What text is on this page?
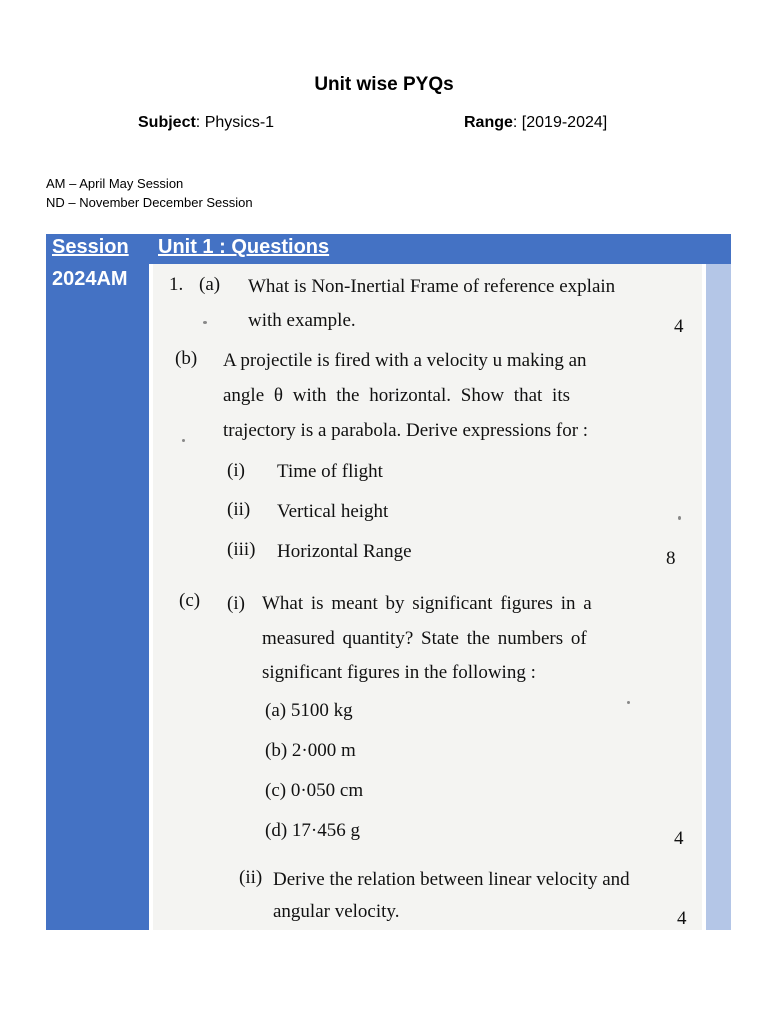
Unit wise PYQs
Subject: Physics-1	Range: [2019-2024]
AM – April May Session
ND – November December Session
Session Unit 1 : Questions
2024AM 1. (a) What is Non-Inertial Frame of reference explain
with example.	4
(b) A projectile is fired with a velocity u making an
angle θ with the horizontal. Show that its
trajectory is a parabola. Derive expressions for :
(i) Time of flight
(ii) Vertical height
(iii) Horizontal Range	8
(c) (i) What is meant by significant figures in a
measured quantity? State the numbers of
significant figures in the following :
(a) 5100 kg
(b) 2·000 m
(c) 0·050 cm
(d) 17·456 g	4
(ii) Derive the relation between linear velocity and
angular velocity.	4
